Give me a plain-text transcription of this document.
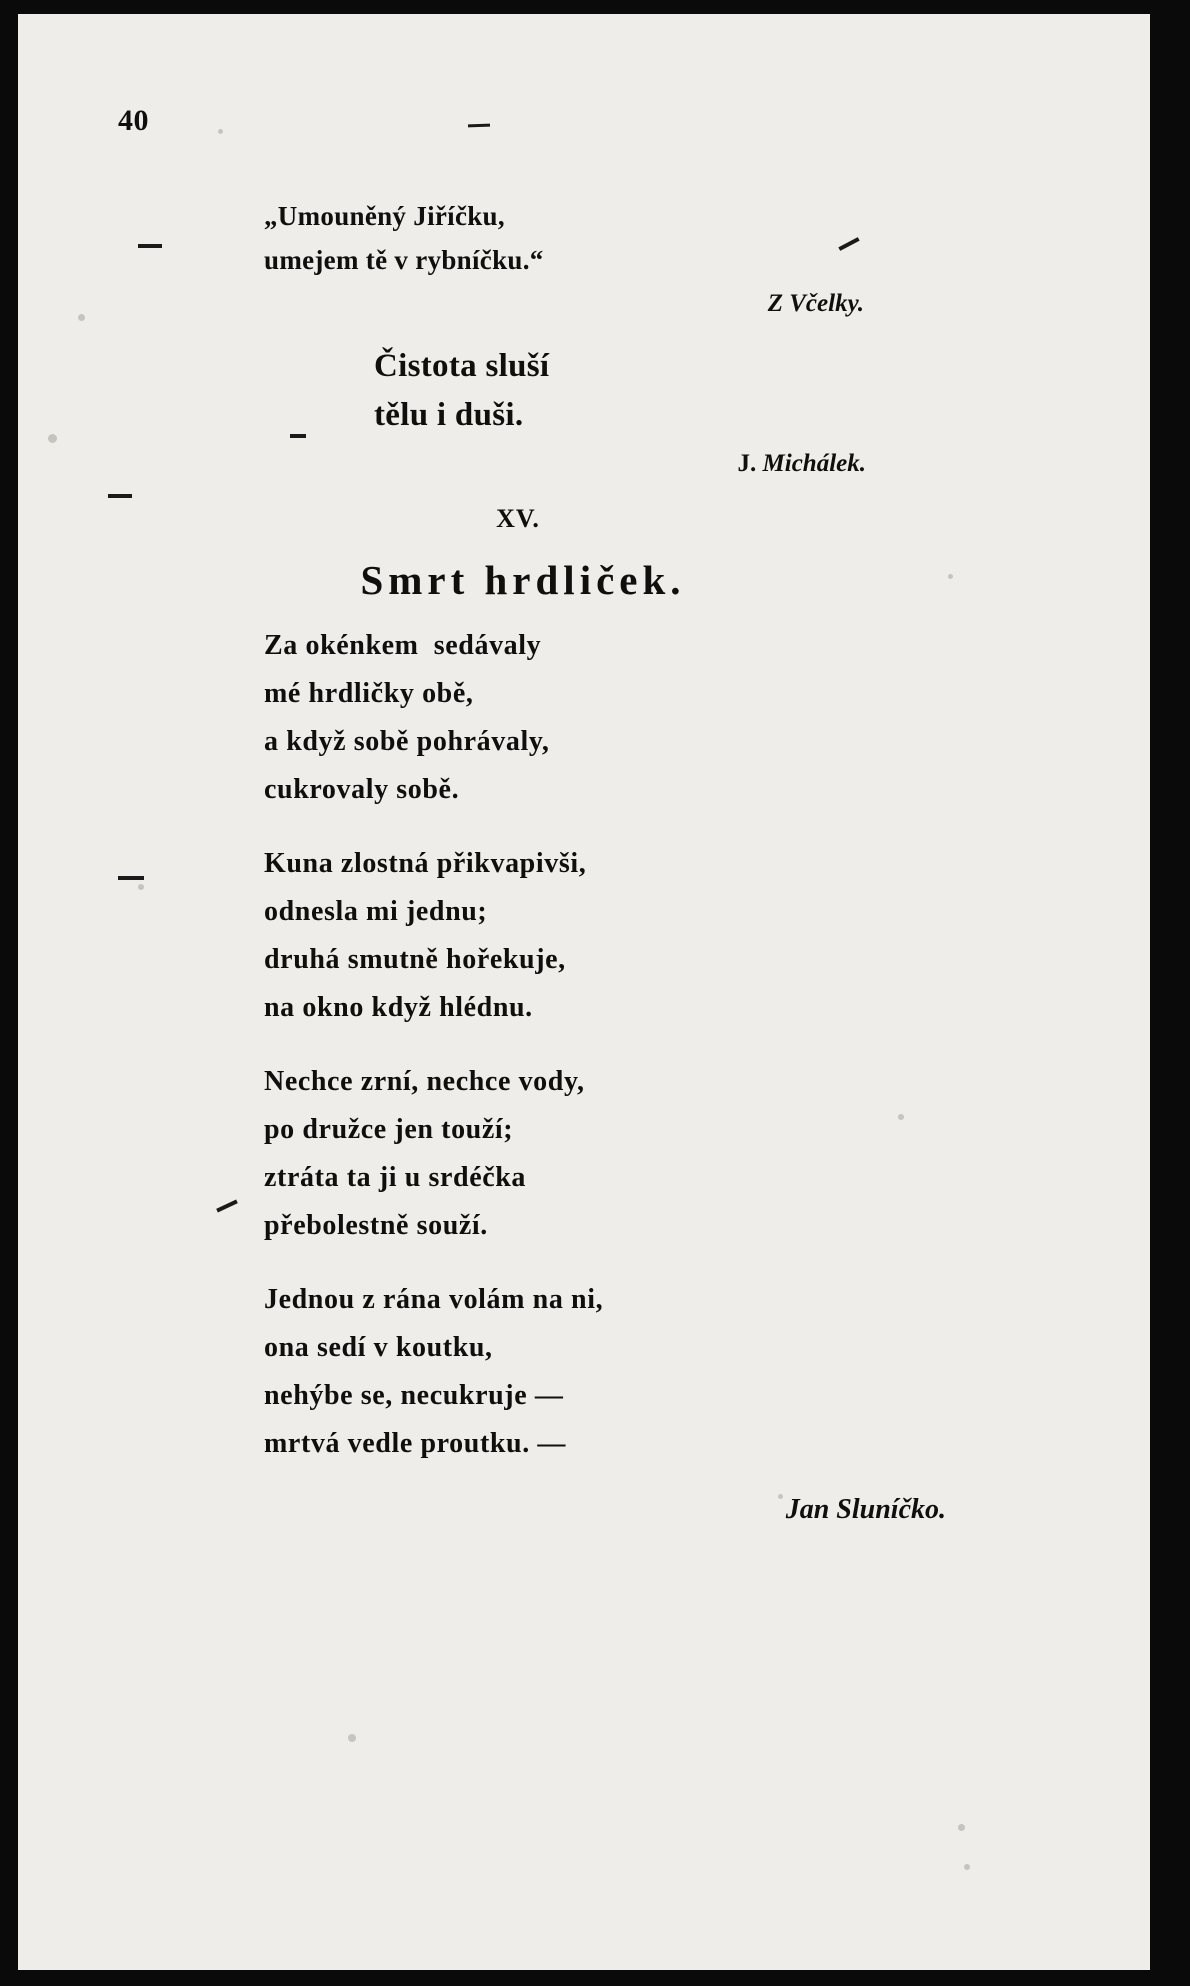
40
„Umouněný Jiříčku,
umejem tě v rybníčku.“
Z Včelky.
Čistota sluší
tělu i duši.
J. Michálek.
XV.
Smrt hrdliček.
Za okénkem  sedávaly
mé hrdličky obě,
a když sobě pohrávaly,
cukrovaly sobě.
Kuna zlostná přikvapivši,
odnesla mi jednu;
druhá smutně hořekuje,
na okno když hlédnu.
Nechce zrní, nechce vody,
po družce jen touží;
ztráta ta ji u srdéčka
přebolestně souží.
Jednou z rána volám na ni,
ona sedí v koutku,
nehýbe se, necukruje —
mrtvá vedle proutku. —
Jan Sluníčko.
